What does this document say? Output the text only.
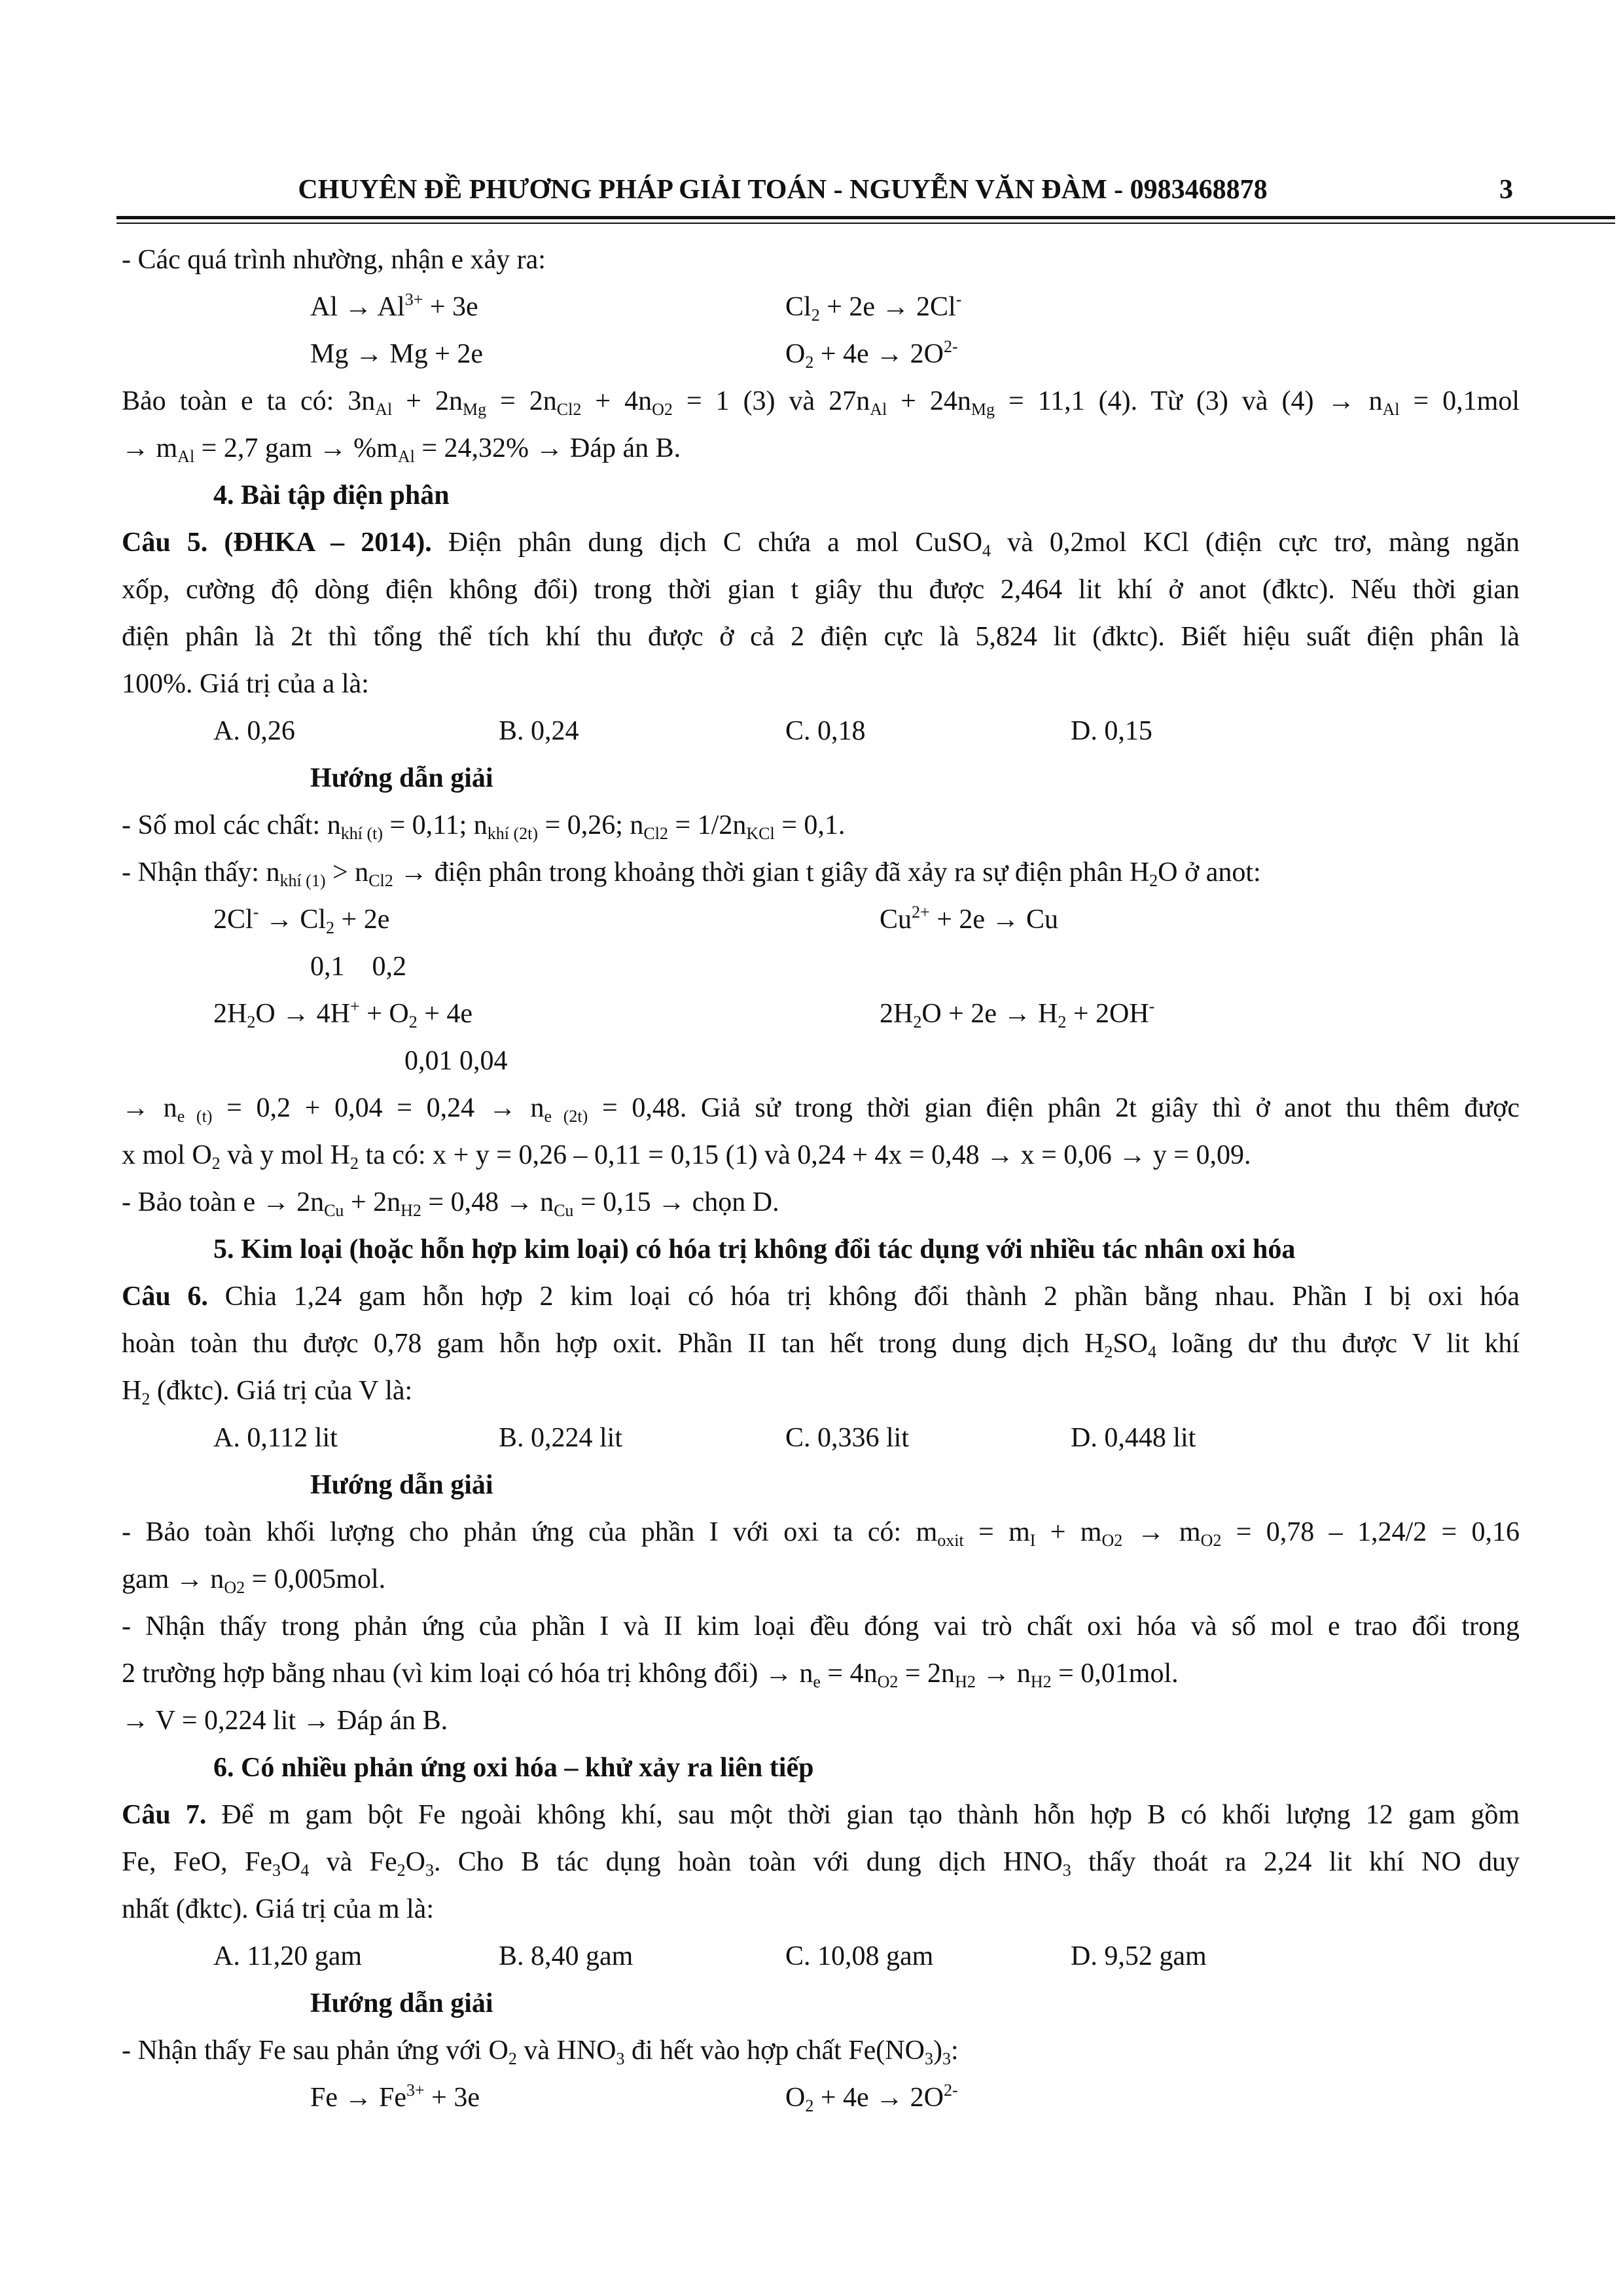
CHUYÊN ĐỀ PHƯƠNG PHÁP GIẢI TOÁN - NGUYỄN VĂN ĐÀM - 0983468878	3
- Các quá trình nhường, nhận e xảy ra:
$Al \to Al^{3+} + 3e$	$Cl_2 + 2e \to 2Cl^-$
Mg → Mg + 2e	$O_2 + 4e \to 2O^{2-}$
Bảo toàn e ta có: $3n_{Al} + 2n_{Mg} = 2n_{Cl2} + 4n_{O2} = 1$ (3) và $27n_{Al} + 24n_{Mg} = 11,1$ (4). Từ (3) và $(4) \to n_{Al} = 0,1mol$
→ $m_{Al} = 2,7$ gam → $\%m_{Al} = 24,32\%$ → Đáp án B.
4. Bài tập điện phân
Câu 5. (ĐHKA – 2014). Điện phân dung dịch C chứa a mol CuSO$_4$ và 0,2mol KCl (điện cực trơ, màng ngăn
xốp, cường độ dòng điện không đổi) trong thời gian t giây thu được 2,464 lit khí ở anot (đktc). Nếu thời gian
điện phân là 2t thì tổng thể tích khí thu được ở cả 2 điện cực là 5,824 lit (đktc). Biết hiệu suất điện phân là
100%. Giá trị của a là:
A. 0,26	B. 0,24	C. 0,18	D. 0,15
Hướng dẫn giải
- Số mol các chất: $n_{khí (t)} = 0,11$; $n_{khí (2t)} = 0,26$; $n_{Cl2} = 1/2n_{KCl} = 0,1$.
- Nhận thấy: $n_{khí (1)} > n_{Cl2}$ → điện phân trong khoảng thời gian t giây đã xảy ra sự điện phân $H_2O$ ở anot:
$2Cl^- \to Cl_2 + 2e$	$Cu^{2+} + 2e \to Cu$
0,1    0,2
$2H_2O \to 4H^+ + O_2 + 4e$	$2H_2O + 2e \to H_2 + 2OH^-$
0,01 0,04
→ $n_{e (t)} = 0,2 + 0,04 = 0,24 \to n_{e (2t)} = 0,48$. Giả sử trong thời gian điện phân 2t giây thì ở anot thu thêm được
x mol $O_2$ và y mol $H_2$ ta có: x + y = 0,26 – 0,11 = 0,15 (1) và 0,24 + 4x = 0,48 → x = 0,06 → y = 0,09.
- Bảo toàn $e \to 2n_{Cu} + 2n_{H2} = 0,48 \to n_{Cu} = 0,15$ → chọn D.
5. Kim loại (hoặc hỗn hợp kim loại) có hóa trị không đổi tác dụng với nhiều tác nhân oxi hóa
Câu 6. Chia 1,24 gam hỗn hợp 2 kim loại có hóa trị không đổi thành 2 phần bằng nhau. Phần I bị oxi hóa
hoàn toàn thu được 0,78 gam hỗn hợp oxit. Phần II tan hết trong dung dịch $H_2SO_4$ loãng dư thu được V lit khí
$H_2$ (đktc). Giá trị của V là:
A. 0,112 lit	B. 0,224 lit	C. 0,336 lit	D. 0,448 lit
Hướng dẫn giải
- Bảo toàn khối lượng cho phản ứng của phần I với oxi ta có: $m_{oxit} = m_I + m_{O2} \to m_{O2} = 0,78 - 1,24/2 = 0,16$
gam → $n_{O2} = 0,005mol$.
- Nhận thấy trong phản ứng của phần I và II kim loại đều đóng vai trò chất oxi hóa và số mol e trao đổi trong
2 trường hợp bằng nhau (vì kim loại có hóa trị không đổi) → $n_e = 4n_{O2} = 2n_{H2} \to n_{H2} = 0,01mol$.
→ V = 0,224 lit → Đáp án B.
6. Có nhiều phản ứng oxi hóa – khử xảy ra liên tiếp
Câu 7. Để m gam bột Fe ngoài không khí, sau một thời gian tạo thành hỗn hợp B có khối lượng 12 gam gồm
Fe, FeO, $Fe_3O_4$ và $Fe_2O_3$. Cho B tác dụng hoàn toàn với dung dịch $HNO_3$ thấy thoát ra 2,24 lit khí NO duy
nhất (đktc). Giá trị của m là:
A. 11,20 gam	B. 8,40 gam	C. 10,08 gam	D. 9,52 gam
Hướng dẫn giải
- Nhận thấy Fe sau phản ứng với $O_2$ và $HNO_3$ đi hết vào hợp chất $Fe(NO_3)_3$:
$Fe \to Fe^{3+} + 3e$	$O_2 + 4e \to 2O^{2-}$
